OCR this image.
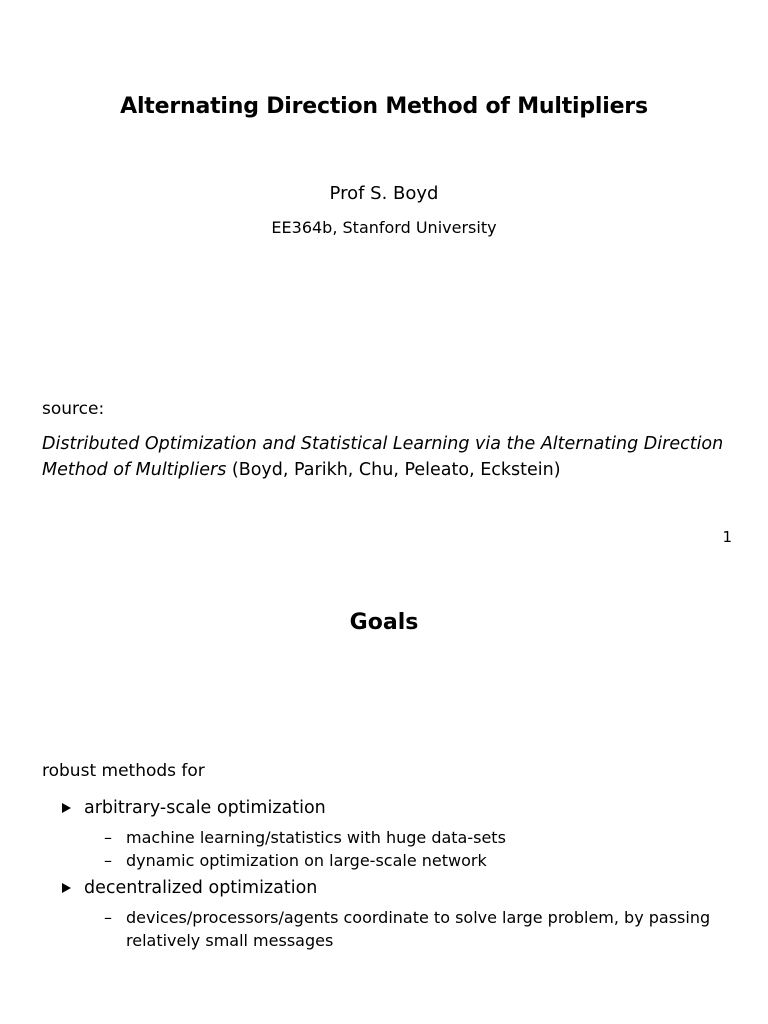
Alternating Direction Method of Multipliers
Prof S. Boyd
EE364b, Stanford University
source:
Distributed Optimization and Statistical Learning via the Alternating Direction Method of Multipliers (Boyd, Parikh, Chu, Peleato, Eckstein)
1
Goals
robust methods for
arbitrary-scale optimization
– machine learning/statistics with huge data-sets
– dynamic optimization on large-scale network
decentralized optimization
– devices/processors/agents coordinate to solve large problem, by passing relatively small messages
